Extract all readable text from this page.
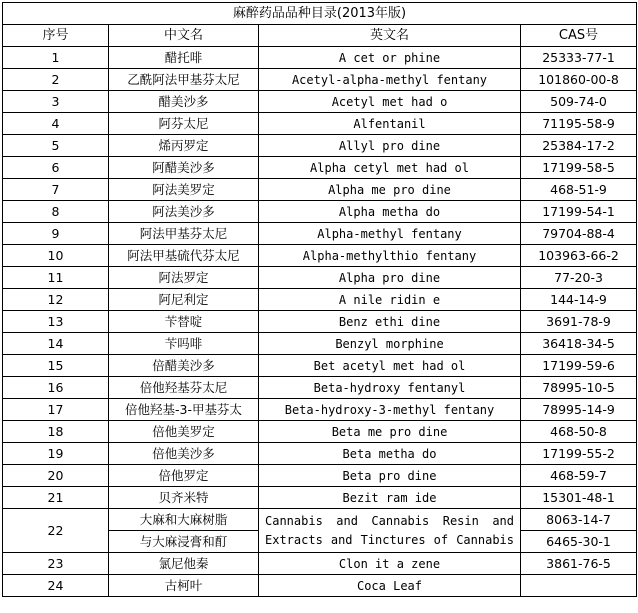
麻醉药品品种目录(2013年版)			
序号	中文名	英文名	CAS号
1	醋托啡	A cet or phine	25333-77-1
2	乙酰阿法甲基芬太尼	Acetyl-alpha-methyl fentany	101860-00-8
3	醋美沙多	Acetyl met had o	509-74-0
4	阿芬太尼	Alfentanil	71195-58-9
5	烯丙罗定	Allyl pro dine	25384-17-2
6	阿醋美沙多	Alpha cetyl met had ol	17199-58-5
7	阿法美罗定	Alpha me pro dine	468-51-9
8	阿法美沙多	Alpha metha do	17199-54-1
9	阿法甲基芬太尼	Alpha-methyl fentany	79704-88-4
10	阿法甲基硫代芬太尼	Alpha-methylthio fentany	103963-66-2
11	阿法罗定	Alpha pro dine	77-20-3
12	阿尼利定	A nile ridin e	144-14-9
13	苄替啶	Benz ethi dine	3691-78-9
14	苄吗啡	Benzyl morphine	36418-34-5
15	倍醋美沙多	Bet acetyl met had ol	17199-59-6
16	倍他羟基芬太尼	Beta-hydroxy fentanyl	78995-10-5
17	倍他羟基-3-甲基芬太	Beta-hydroxy-3-methyl fentany	78995-14-9
18	倍他美罗定	Beta me pro dine	468-50-8
19	倍他美沙多	Beta metha do	17199-55-2
20	倍他罗定	Beta pro dine	468-59-7
21	贝齐米特	Bezit ram ide	15301-48-1
22	大麻和大麻树脂	Cannabis and Cannabis Resin and Extracts and Tinctures of Cannabis	8063-14-7
	与大麻浸膏和酊		6465-30-1
23	氯尼他秦	Clon it a zene	3861-76-5
24	古柯叶	Coca Leaf	
